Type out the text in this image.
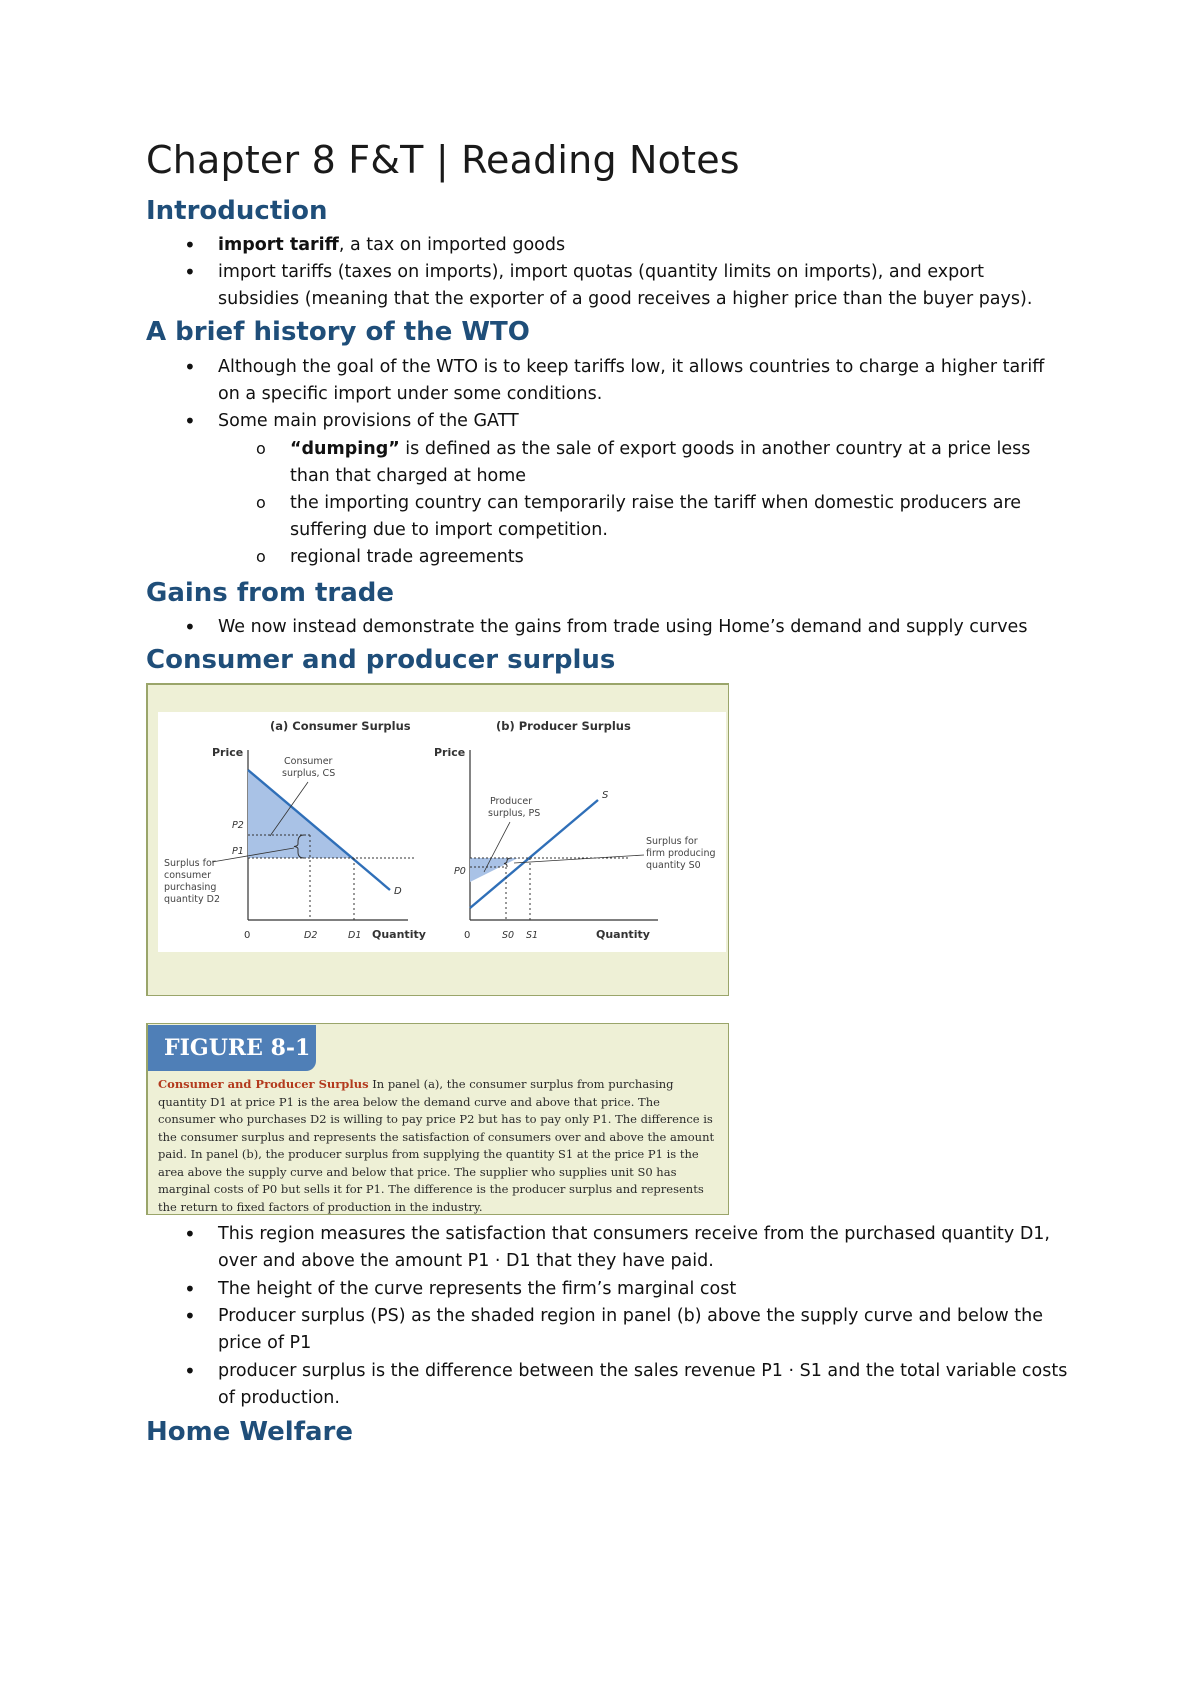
Chapter 8 F&T | Reading Notes
Introduction
• import tariff, a tax on imported goods
• import tariffs (taxes on imports), import quotas (quantity limits on imports), and export subsidies (meaning that the exporter of a good receives a higher price than the buyer pays).
A brief history of the WTO
• Although the goal of the WTO is to keep tariffs low, it allows countries to charge a higher tariff on a specific import under some conditions.
• Some main provisions of the GATT
o “dumping” is defined as the sale of export goods in another country at a price less than that charged at home
o the importing country can temporarily raise the tariff when domestic producers are suffering due to import competition.
o regional trade agreements
Gains from trade
• We now instead demonstrate the gains from trade using Home’s demand and supply curves
Consumer and producer surplus
(a) Consumer Surplus	(b) Producer Surplus
Price
D
P2
P1
Consumer
surplus, CS
Surplus for
consumer
purchasing
quantity D2
0	D2	D1 Quantity
Price
S
P0
Producer
surplus, PS
Surplus for
firm producing
quantity S0
0	S0 S1	Quantity
FIGURE 8-1
Consumer and Producer Surplus In panel (a), the consumer surplus from purchasing quantity D1 at price P1 is the area below the demand curve and above that price. The consumer who purchases D2 is willing to pay price P2 but has to pay only P1. The difference is the consumer surplus and represents the satisfaction of consumers over and above the amount paid. In panel (b), the producer surplus from supplying the quantity S1 at the price P1 is the area above the supply curve and below that price. The supplier who supplies unit S0 has marginal costs of P0 but sells it for P1. The difference is the producer surplus and represents the return to fixed factors of production in the industry.
• This region measures the satisfaction that consumers receive from the purchased quantity D1, over and above the amount P1 · D1 that they have paid.
• The height of the curve represents the firm’s marginal cost
• Producer surplus (PS) as the shaded region in panel (b) above the supply curve and below the price of P1
• producer surplus is the difference between the sales revenue P1 · S1 and the total variable costs of production.
Home Welfare
